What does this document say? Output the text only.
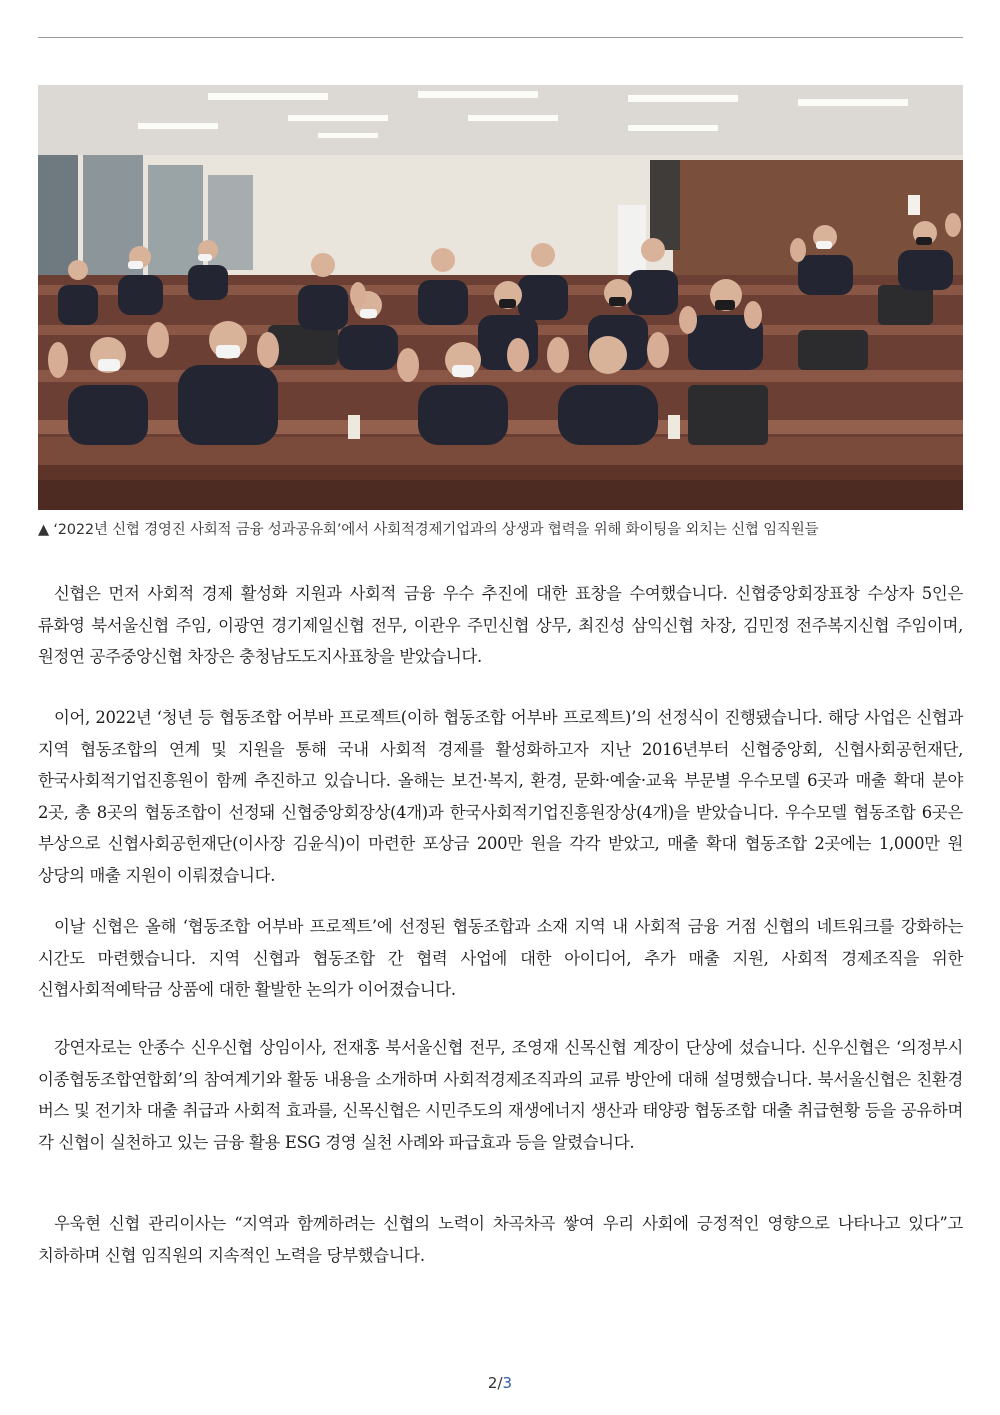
▲ ‘2022년 신협 경영진 사회적 금융 성과공유회’에서 사회적경제기업과의 상생과 협력을 위해 화이팅을 외치는 신협 임직원들

신협은 먼저 사회적 경제 활성화 지원과 사회적 금융 우수 추진에 대한 표창을 수여했습니다. 신협중앙회장표창 수상자 5인은 류화영 북서울신협 주임, 이광연 경기제일신협 전무, 이관우 주민신협 상무, 최진성 삼익신협 차장, 김민정 전주복지신협 주임이며, 원정연 공주중앙신협 차장은 충청남도도지사표창을 받았습니다.

이어, 2022년 ‘청년 등 협동조합 어부바 프로젝트(이하 협동조합 어부바 프로젝트)’의 선정식이 진행됐습니다. 해당 사업은 신협과 지역 협동조합의 연계 및 지원을 통해 국내 사회적 경제를 활성화하고자 지난 2016년부터 신협중앙회, 신협사회공헌재단, 한국사회적기업진흥원이 함께 추진하고 있습니다. 올해는 보건·복지, 환경, 문화·예술·교육 부문별 우수모델 6곳과 매출 확대 분야 2곳, 총 8곳의 협동조합이 선정돼 신협중앙회장상(4개)과 한국사회적기업진흥원장상(4개)을 받았습니다. 우수모델 협동조합 6곳은 부상으로 신협사회공헌재단(이사장 김윤식)이 마련한 포상금 200만 원을 각각 받았고, 매출 확대 협동조합 2곳에는 1,000만 원 상당의 매출 지원이 이뤄졌습니다.

이날 신협은 올해 ‘협동조합 어부바 프로젝트’에 선정된 협동조합과 소재 지역 내 사회적 금융 거점 신협의 네트워크를 강화하는 시간도 마련했습니다. 지역 신협과 협동조합 간 협력 사업에 대한 아이디어, 추가 매출 지원, 사회적 경제조직을 위한 신협사회적예탁금 상품에 대한 활발한 논의가 이어졌습니다.

강연자로는 안종수 신우신협 상임이사, 전재홍 북서울신협 전무, 조영재 신목신협 계장이 단상에 섰습니다. 신우신협은 ‘의정부시 이종협동조합연합회’의 참여계기와 활동 내용을 소개하며 사회적경제조직과의 교류 방안에 대해 설명했습니다. 북서울신협은 친환경 버스 및 전기차 대출 취급과 사회적 효과를, 신목신협은 시민주도의 재생에너지 생산과 태양광 협동조합 대출 취급현황 등을 공유하며 각 신협이 실천하고 있는 금융 활용 ESG 경영 실천 사례와 파급효과 등을 알렸습니다.

우욱현 신협 관리이사는 “지역과 함께하려는 신협의 노력이 차곡차곡 쌓여 우리 사회에 긍정적인 영향으로 나타나고 있다”고 치하하며 신협 임직원의 지속적인 노력을 당부했습니다.

2/3
